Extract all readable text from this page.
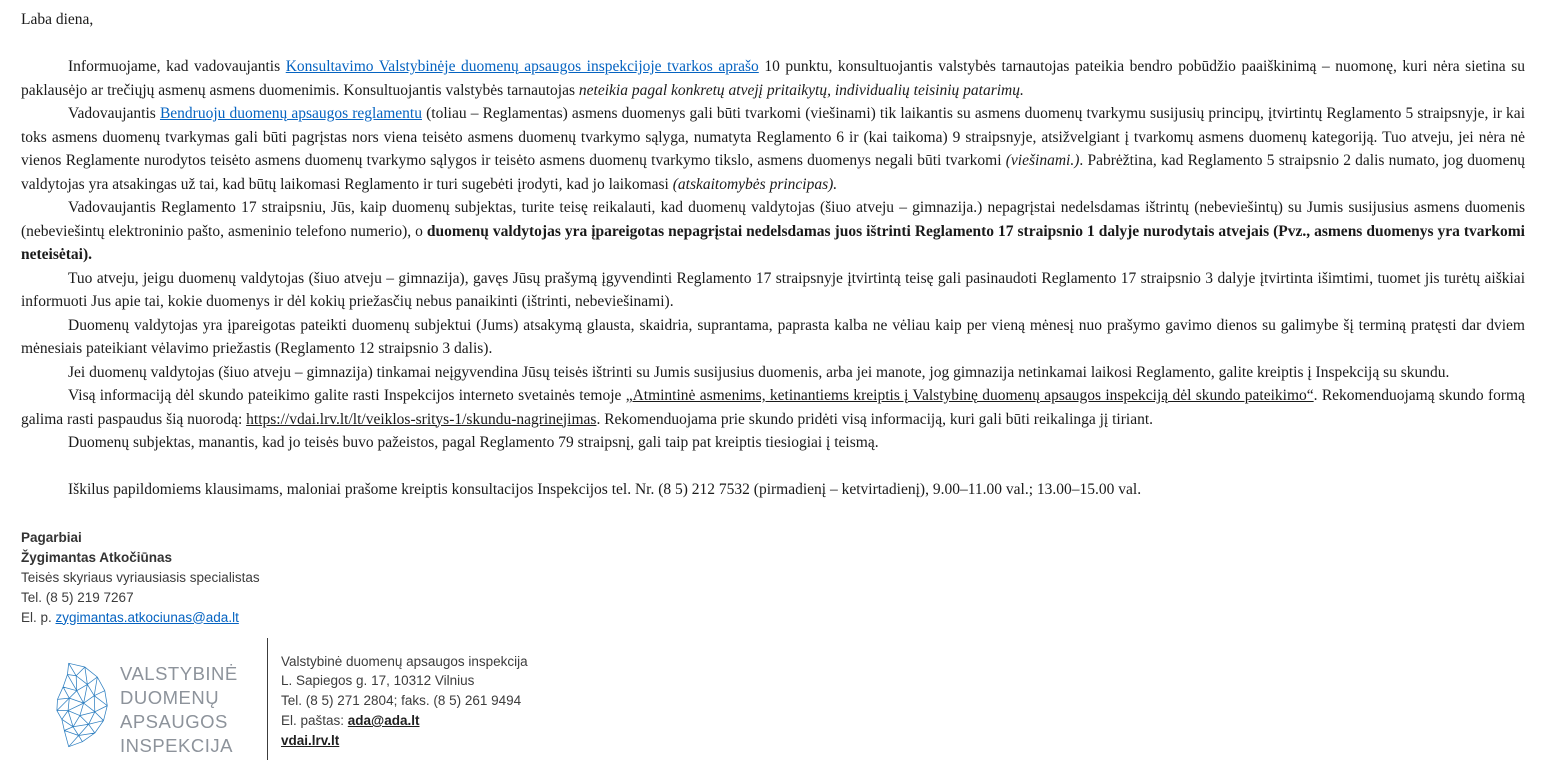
Laba diena,

Informuojame, kad vadovaujantis Konsultavimo Valstybinėje duomenų apsaugos inspekcijoje tvarkos aprašo 10 punktu, konsultuojantis valstybės tarnautojas pateikia bendro pobūdžio paaiškinimą – nuomonę, kuri nėra sietina su paklausėjo ar trečiųjų asmenų asmens duomenimis. Konsultuojantis valstybės tarnautojas neteikia pagal konkretų atvejį pritaikytų, individualių teisinių patarimų.

Vadovaujantis Bendruoju duomenų apsaugos reglamentu (toliau – Reglamentas) asmens duomenys gali būti tvarkomi (viešinami) tik laikantis su asmens duomenų tvarkymu susijusių principų, įtvirtintų Reglamento 5 straipsnyje, ir kai toks asmens duomenų tvarkymas gali būti pagrįstas nors viena teisėto asmens duomenų tvarkymo sąlyga, numatyta Reglamento 6 ir (kai taikoma) 9 straipsnyje, atsižvelgiant į tvarkomų asmens duomenų kategoriją. Tuo atveju, jei nėra nė vienos Reglamente nurodytos teisėto asmens duomenų tvarkymo sąlygos ir teisėto asmens duomenų tvarkymo tikslo, asmens duomenys negali būti tvarkomi (viešinami.). Pabrėžtina, kad Reglamento 5 straipsnio 2 dalis numato, jog duomenų valdytojas yra atsakingas už tai, kad būtų laikomasi Reglamento ir turi sugebėti įrodyti, kad jo laikomasi (atskaitomybės principas).

Vadovaujantis Reglamento 17 straipsniu, Jūs, kaip duomenų subjektas, turite teisę reikalauti, kad duomenų valdytojas (šiuo atveju – gimnazija.) nepagrįstai nedelsdamas ištrintų (nebeviešintų) su Jumis susijusius asmens duomenis (nebeviešintų elektroninio pašto, asmeninio telefono numerio), o duomenų valdytojas yra įpareigotas nepagrįstai nedelsdamas juos ištrinti Reglamento 17 straipsnio 1 dalyje nurodytais atvejais (Pvz., asmens duomenys yra tvarkomi neteisėtai).

Tuo atveju, jeigu duomenų valdytojas (šiuo atveju – gimnazija), gavęs Jūsų prašymą įgyvendinti Reglamento 17 straipsnyje įtvirtintą teisę gali pasinaudoti Reglamento 17 straipsnio 3 dalyje įtvirtinta išimtimi, tuomet jis turėtų aiškiai informuoti Jus apie tai, kokie duomenys ir dėl kokių priežasčių nebus panaikinti (ištrinti, nebeviešinami).

Duomenų valdytojas yra įpareigotas pateikti duomenų subjektui (Jums) atsakymą glausta, skaidria, suprantama, paprasta kalba ne vėliau kaip per vieną mėnesį nuo prašymo gavimo dienos su galimybe šį terminą pratęsti dar dviem mėnesiais pateikiant vėlavimo priežastis (Reglamento 12 straipsnio 3 dalis).

Jei duomenų valdytojas (šiuo atveju – gimnazija) tinkamai neįgyvendina Jūsų teisės ištrinti su Jumis susijusius duomenis, arba jei manote, jog gimnazija netinkamai laikosi Reglamento, galite kreiptis į Inspekciją su skundu.

Visą informaciją dėl skundo pateikimo galite rasti Inspekcijos interneto svetainės temoje „Atmintinė asmenims, ketinantiems kreiptis į Valstybinę duomenų apsaugos inspekciją dėl skundo pateikimo“. Rekomenduojamą skundo formą galima rasti paspaudus šią nuorodą: https://vdai.lrv.lt/lt/veiklos-sritys-1/skundu-nagrinejimas. Rekomenduojama prie skundo pridėti visą informaciją, kuri gali būti reikalinga jį tiriant.

Duomenų subjektas, manantis, kad jo teisės buvo pažeistos, pagal Reglamento 79 straipsnį, gali taip pat kreiptis tiesiogiai į teismą.

Iškilus papildomiems klausimams, maloniai prašome kreiptis konsultacijos Inspekcijos tel. Nr. (8 5) 212 7532 (pirmadienį – ketvirtadienį), 9.00–11.00 val.; 13.00–15.00 val.

Pagarbiai
Žygimantas Atkočiūnas
Teisės skyriaus vyriausiasis specialistas
Tel. (8 5) 219 7267
El. p. zygimantas.atkociunas@ada.lt
VALSTYBINĖ
DUOMENŲ
APSAUGOS
INSPEKCIJA
Valstybinė duomenų apsaugos inspekcija
L. Sapiegos g. 17, 10312 Vilnius
Tel. (8 5) 271 2804; faks. (8 5) 261 9494
El. paštas: ada@ada.lt
vdai.lrv.lt
